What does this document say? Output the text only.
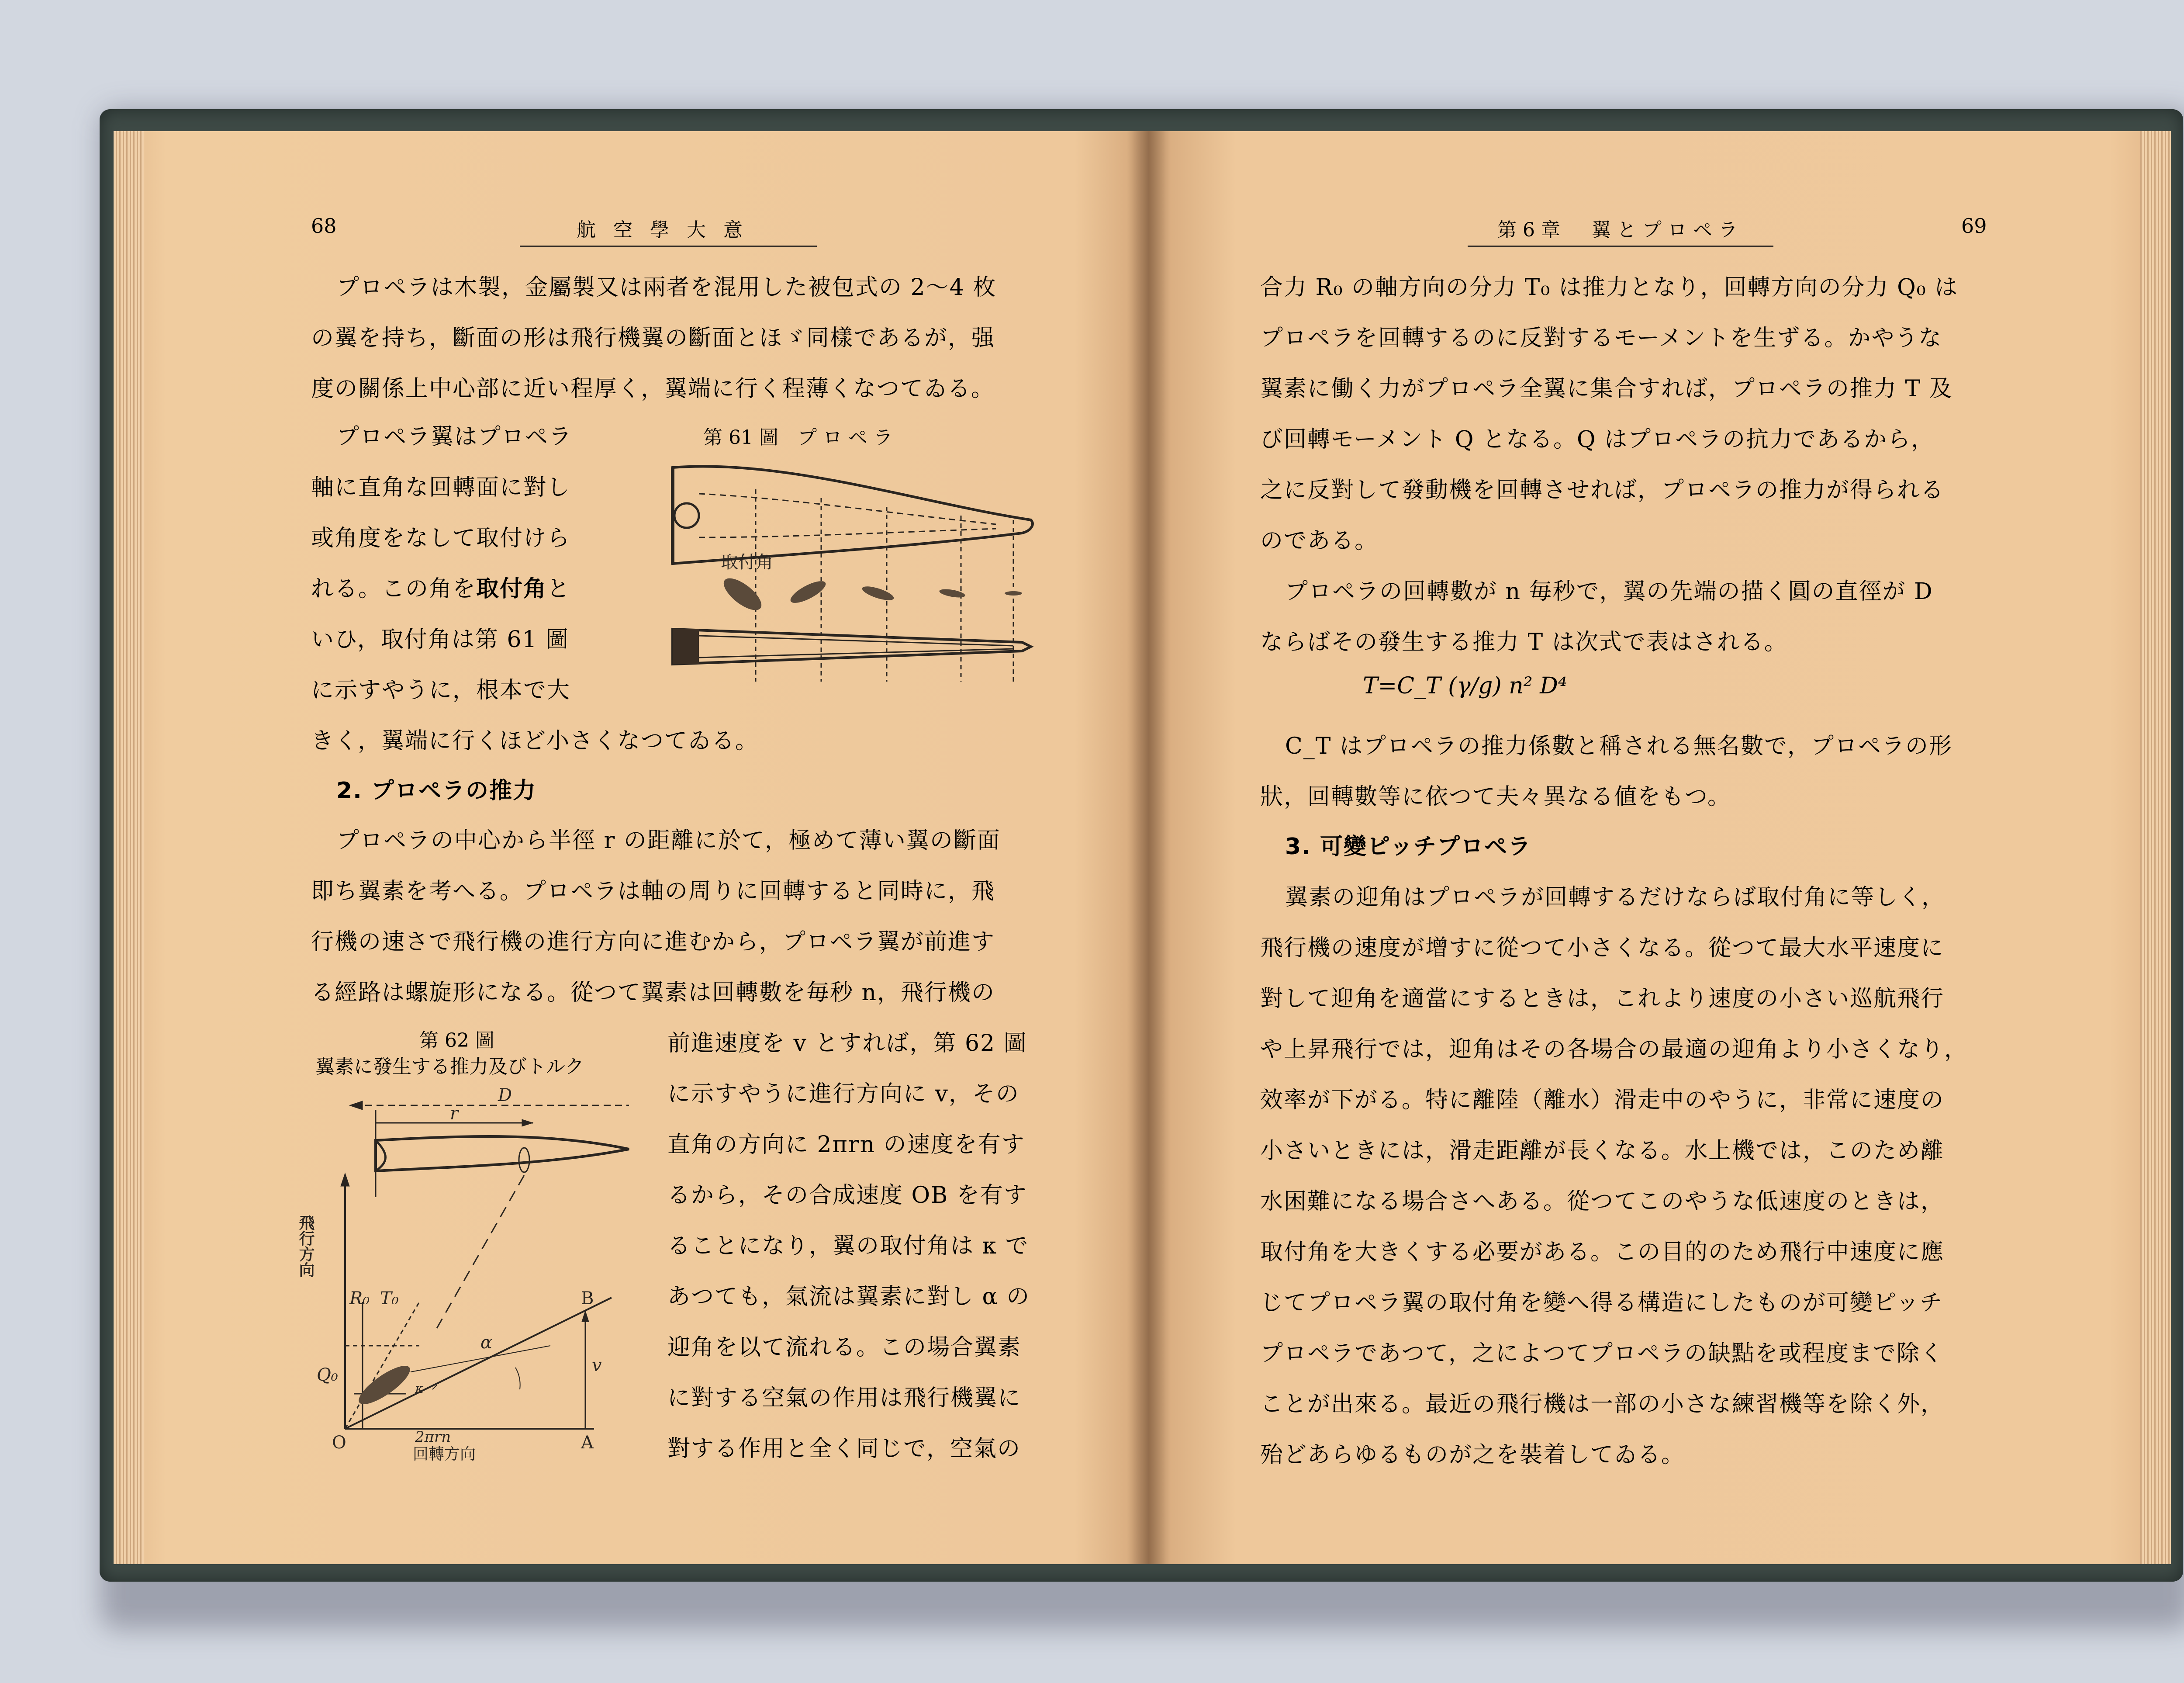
68	航空學大意
プロペラは木製，金屬製又は兩者を混用した被包式の 2〜4 枚
の翼を持ち，斷面の形は飛行機翼の斷面とほゞ同樣であるが，强
度の關係上中心部に近い程厚く，翼端に行く程薄くなつてゐる。
プロペラ翼はプロペラ
軸に直角な回轉面に對し
或角度をなして取付けら
れる。この角を取付角と
いひ，取付角は第 61 圖
に示すやうに，根本で大
きく，翼端に行くほど小さくなつてゐる。
第 61 圖　プ ロ ペ ラ
取付角
2. プロペラの推力
プロペラの中心から半徑 r の距離に於て，極めて薄い翼の斷面
即ち翼素を考へる。プロペラは軸の周りに回轉すると同時に，飛
行機の速さで飛行機の進行方向に進むから，プロペラ翼が前進す
る經路は螺旋形になる。從つて翼素は回轉數を毎秒 n，飛行機の
第 62 圖
翼素に發生する推力及びトルク
D
r
R₀ T₀
Q₀	v
α
κ
2πrn
B
O	A
回轉方向
飛行方向
前進速度を v とすれば，第 62 圖
に示すやうに進行方向に v，その
直角の方向に 2πrn の速度を有す
るから，その合成速度 OB を有す
ることになり，翼の取付角は κ で
あつても，氣流は翼素に對し α の
迎角を以て流れる。この場合翼素
に對する空氣の作用は飛行機翼に
對する作用と全く同じで，空氣の
第6章　翼とプロペラ	69
合力 R₀ の軸方向の分力 T₀ は推力となり，回轉方向の分力 Q₀ は
プロペラを回轉するのに反對するモーメントを生ずる。かやうな
翼素に働く力がプロペラ全翼に集合すれば，プロペラの推力 T 及
び回轉モーメント Q となる。Q はプロペラの抗力であるから，
之に反對して發動機を回轉させれば，プロペラの推力が得られる
のである。
プロペラの回轉數が n 毎秒で，翼の先端の描く圓の直徑が D
ならばその發生する推力 T は次式で表はされる。
T=C_T (γ/g) n² D⁴
C_T はプロペラの推力係數と稱される無名數で，プロペラの形
狀，回轉數等に依つて夫々異なる値をもつ。
3. 可變ピッチプロペラ
翼素の迎角はプロペラが回轉するだけならば取付角に等しく，
飛行機の速度が增すに從つて小さくなる。從つて最大水平速度に
對して迎角を適當にするときは，これより速度の小さい巡航飛行
や上昇飛行では，迎角はその各場合の最適の迎角より小さくなり，
效率が下がる。特に離陸（離水）滑走中のやうに，非常に速度の
小さいときには，滑走距離が長くなる。水上機では，このため離
水困難になる場合さへある。從つてこのやうな低速度のときは，
取付角を大きくする必要がある。この目的のため飛行中速度に應
じてプロペラ翼の取付角を變へ得る構造にしたものが可變ピッチ
プロペラであつて，之によつてプロペラの缺點を或程度まで除く
ことが出來る。最近の飛行機は一部の小さな練習機等を除く外，
殆どあらゆるものが之を裝着してゐる。
